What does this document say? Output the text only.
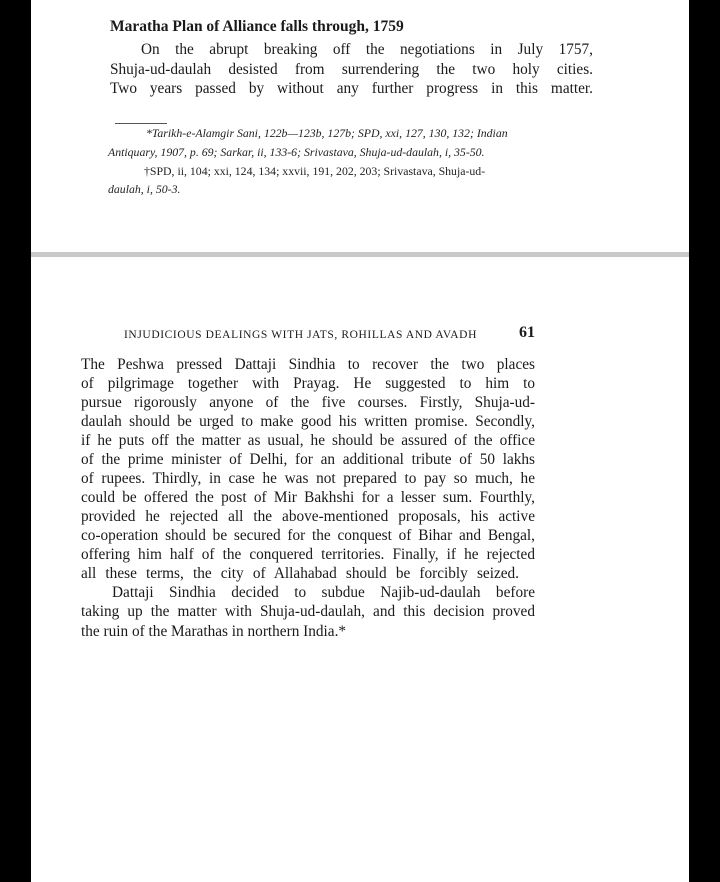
Maratha Plan of Alliance falls through, 1759
On the abrupt breaking off the negotiations in July 1757,
Shuja-ud-daulah desisted from surrendering the two holy cities.
Two years passed by without any further progress in this matter.
*Tarikh-e-Alamgir Sani, 122b—123b, 127b; SPD, xxi, 127, 130, 132; Indian
Antiquary, 1907, p. 69; Sarkar, ii, 133-6; Srivastava, Shuja-ud-daulah, i, 35-50.
†SPD, ii, 104; xxi, 124, 134; xxvii, 191, 202, 203; Srivastava, Shuja-ud-
daulah, i, 50-3.
INJUDICIOUS DEALINGS WITH JATS, ROHILLAS AND AVADH	61
The Peshwa pressed Dattaji Sindhia to recover the two places
of pilgrimage together with Prayag. He suggested to him to
pursue rigorously anyone of the five courses. Firstly, Shuja-ud-
daulah should be urged to make good his written promise. Secondly,
if he puts off the matter as usual, he should be assured of the office
of the prime minister of Delhi, for an additional tribute of 50 lakhs
of rupees. Thirdly, in case he was not prepared to pay so much, he
could be offered the post of Mir Bakhshi for a lesser sum. Fourthly,
provided he rejected all the above-mentioned proposals, his active
co-operation should be secured for the conquest of Bihar and Bengal,
offering him half of the conquered territories. Finally, if he rejected
all these terms, the city of Allahabad should be forcibly seized.
Dattaji Sindhia decided to subdue Najib-ud-daulah before
taking up the matter with Shuja-ud-daulah, and this decision proved
the ruin of the Marathas in northern India.*
